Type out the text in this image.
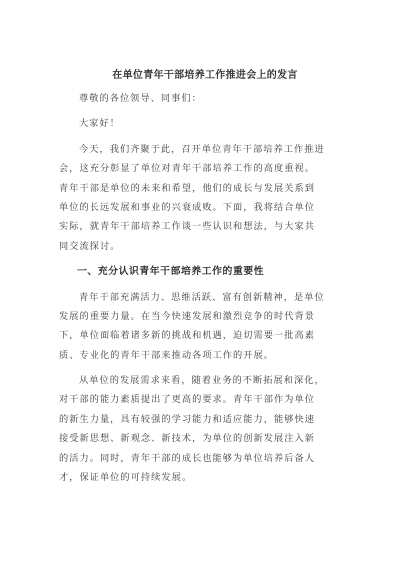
在单位青年干部培养工作推进会上的发言
尊敬的各位领导、同事们：
大家好！
今天，我们齐聚于此，召开单位青年干部培养工作推进
会，这充分彰显了单位对青年干部培养工作的高度重视。
青年干部是单位的未来和希望，他们的成长与发展关系到
单位的长远发展和事业的兴衰成败。下面，我将结合单位
实际，就青年干部培养工作谈一些认识和想法，与大家共
同交流探讨。
一、充分认识青年干部培养工作的重要性
青年干部充满活力、思维活跃、富有创新精神，是单位
发展的重要力量。在当今快速发展和激烈竞争的时代背景
下，单位面临着诸多新的挑战和机遇，迫切需要一批高素
质、专业化的青年干部来推动各项工作的开展。
从单位的发展需求来看，随着业务的不断拓展和深化，
对干部的能力素质提出了更高的要求。青年干部作为单位
的新生力量，具有较强的学习能力和适应能力，能够快速
接受新思想、新观念、新技术，为单位的创新发展注入新
的活力。同时，青年干部的成长也能够为单位培养后备人
才，保证单位的可持续发展。
